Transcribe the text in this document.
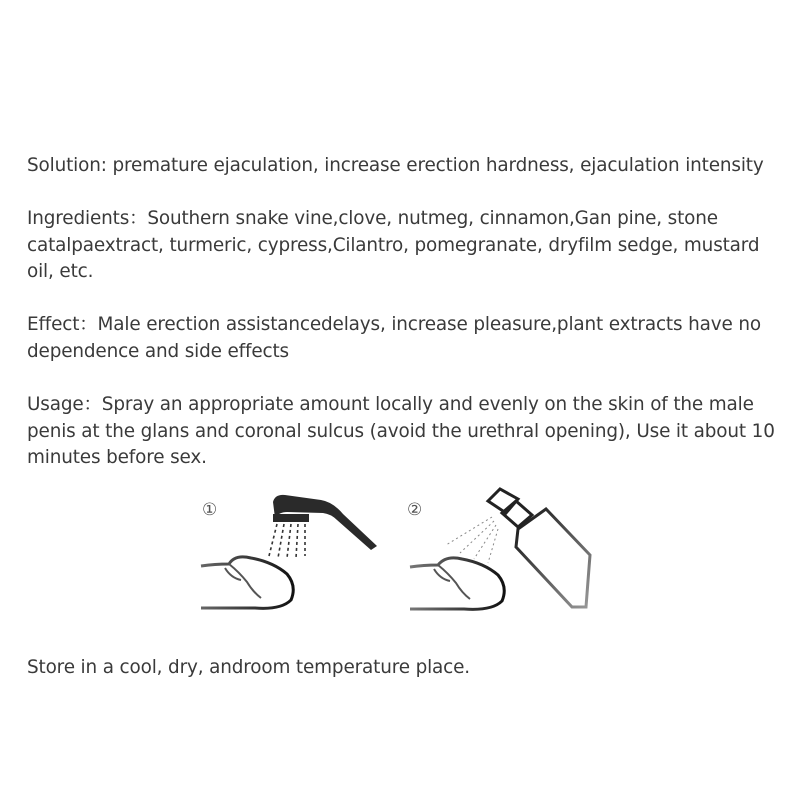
Solution: premature ejaculation, increase erection hardness, ejaculation intensity

Ingredients：Southern snake vine,clove, nutmeg, cinnamon,Gan pine, stone catalpaextract, turmeric, cypress,Cilantro, pomegranate, dryfilm sedge, mustard oil, etc.

Effect：Male erection assistancedelays, increase pleasure,plant extracts have no dependence and side effects

Usage：Spray an appropriate amount locally and evenly on the skin of the male penis at the glans and coronal sulcus (avoid the urethral opening), Use it about 10 minutes before sex.

①	②

Store in a cool, dry, androom temperature place.
